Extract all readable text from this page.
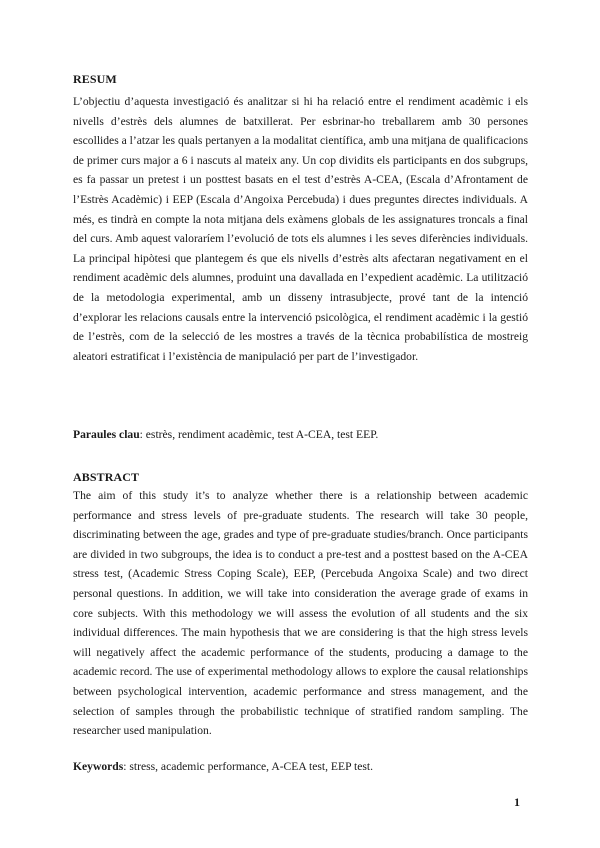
RESUM

L’objectiu d’aquesta investigació és analitzar si hi ha relació entre el rendiment acadèmic i els nivells d’estrès dels alumnes de batxillerat. Per esbrinar-ho treballarem amb 30 persones escollides a l’atzar les quals pertanyen a la modalitat científica, amb una mitjana de qualificacions de primer curs major a 6 i nascuts al mateix any. Un cop dividits els participants en dos subgrups, es fa passar un pretest i un posttest basats en el test d’estrès A-CEA, (Escala d’Afrontament de l’Estrès Acadèmic) i EEP (Escala d’Angoixa Percebuda) i dues preguntes directes individuals. A més, es tindrà en compte la nota mitjana dels exàmens globals de les assignatures troncals a final del curs. Amb aquest valoraríem l’evolució de tots els alumnes i les seves diferències individuals. La principal hipòtesi que plantegem és que els nivells d’estrès alts afectaran negativament en el rendiment acadèmic dels alumnes, produint una davallada en l’expedient acadèmic. La utilització de la metodologia experimental, amb un disseny intrasubjecte, prové tant de la intenció d’explorar les relacions causals entre la intervenció psicològica, el rendiment acadèmic i la gestió de l’estrès, com de la selecció de les mostres a través de la tècnica probabilística de mostreig aleatori estratificat i l’existència de manipulació per part de l’investigador.

Paraules clau: estrès, rendiment acadèmic, test A-CEA, test EEP.

ABSTRACT

The aim of this study it’s to analyze whether there is a relationship between academic performance and stress levels of pre-graduate students. The research will take 30 people, discriminating between the age, grades and type of pre-graduate studies/branch. Once participants are divided in two subgroups, the idea is to conduct a pre-test and a posttest based on the A-CEA stress test, (Academic Stress Coping Scale), EEP, (Percebuda Angoixa Scale) and two direct personal questions. In addition, we will take into consideration the average grade of exams in core subjects. With this methodology we will assess the evolution of all students and the six individual differences. The main hypothesis that we are considering is that the high stress levels will negatively affect the academic performance of the students, producing a damage to the academic record. The use of experimental methodology allows to explore the causal relationships between psychological intervention, academic performance and stress management, and the selection of samples through the probabilistic technique of stratified random sampling. The researcher used manipulation.

Keywords: stress, academic performance, A-CEA test, EEP test.

1
